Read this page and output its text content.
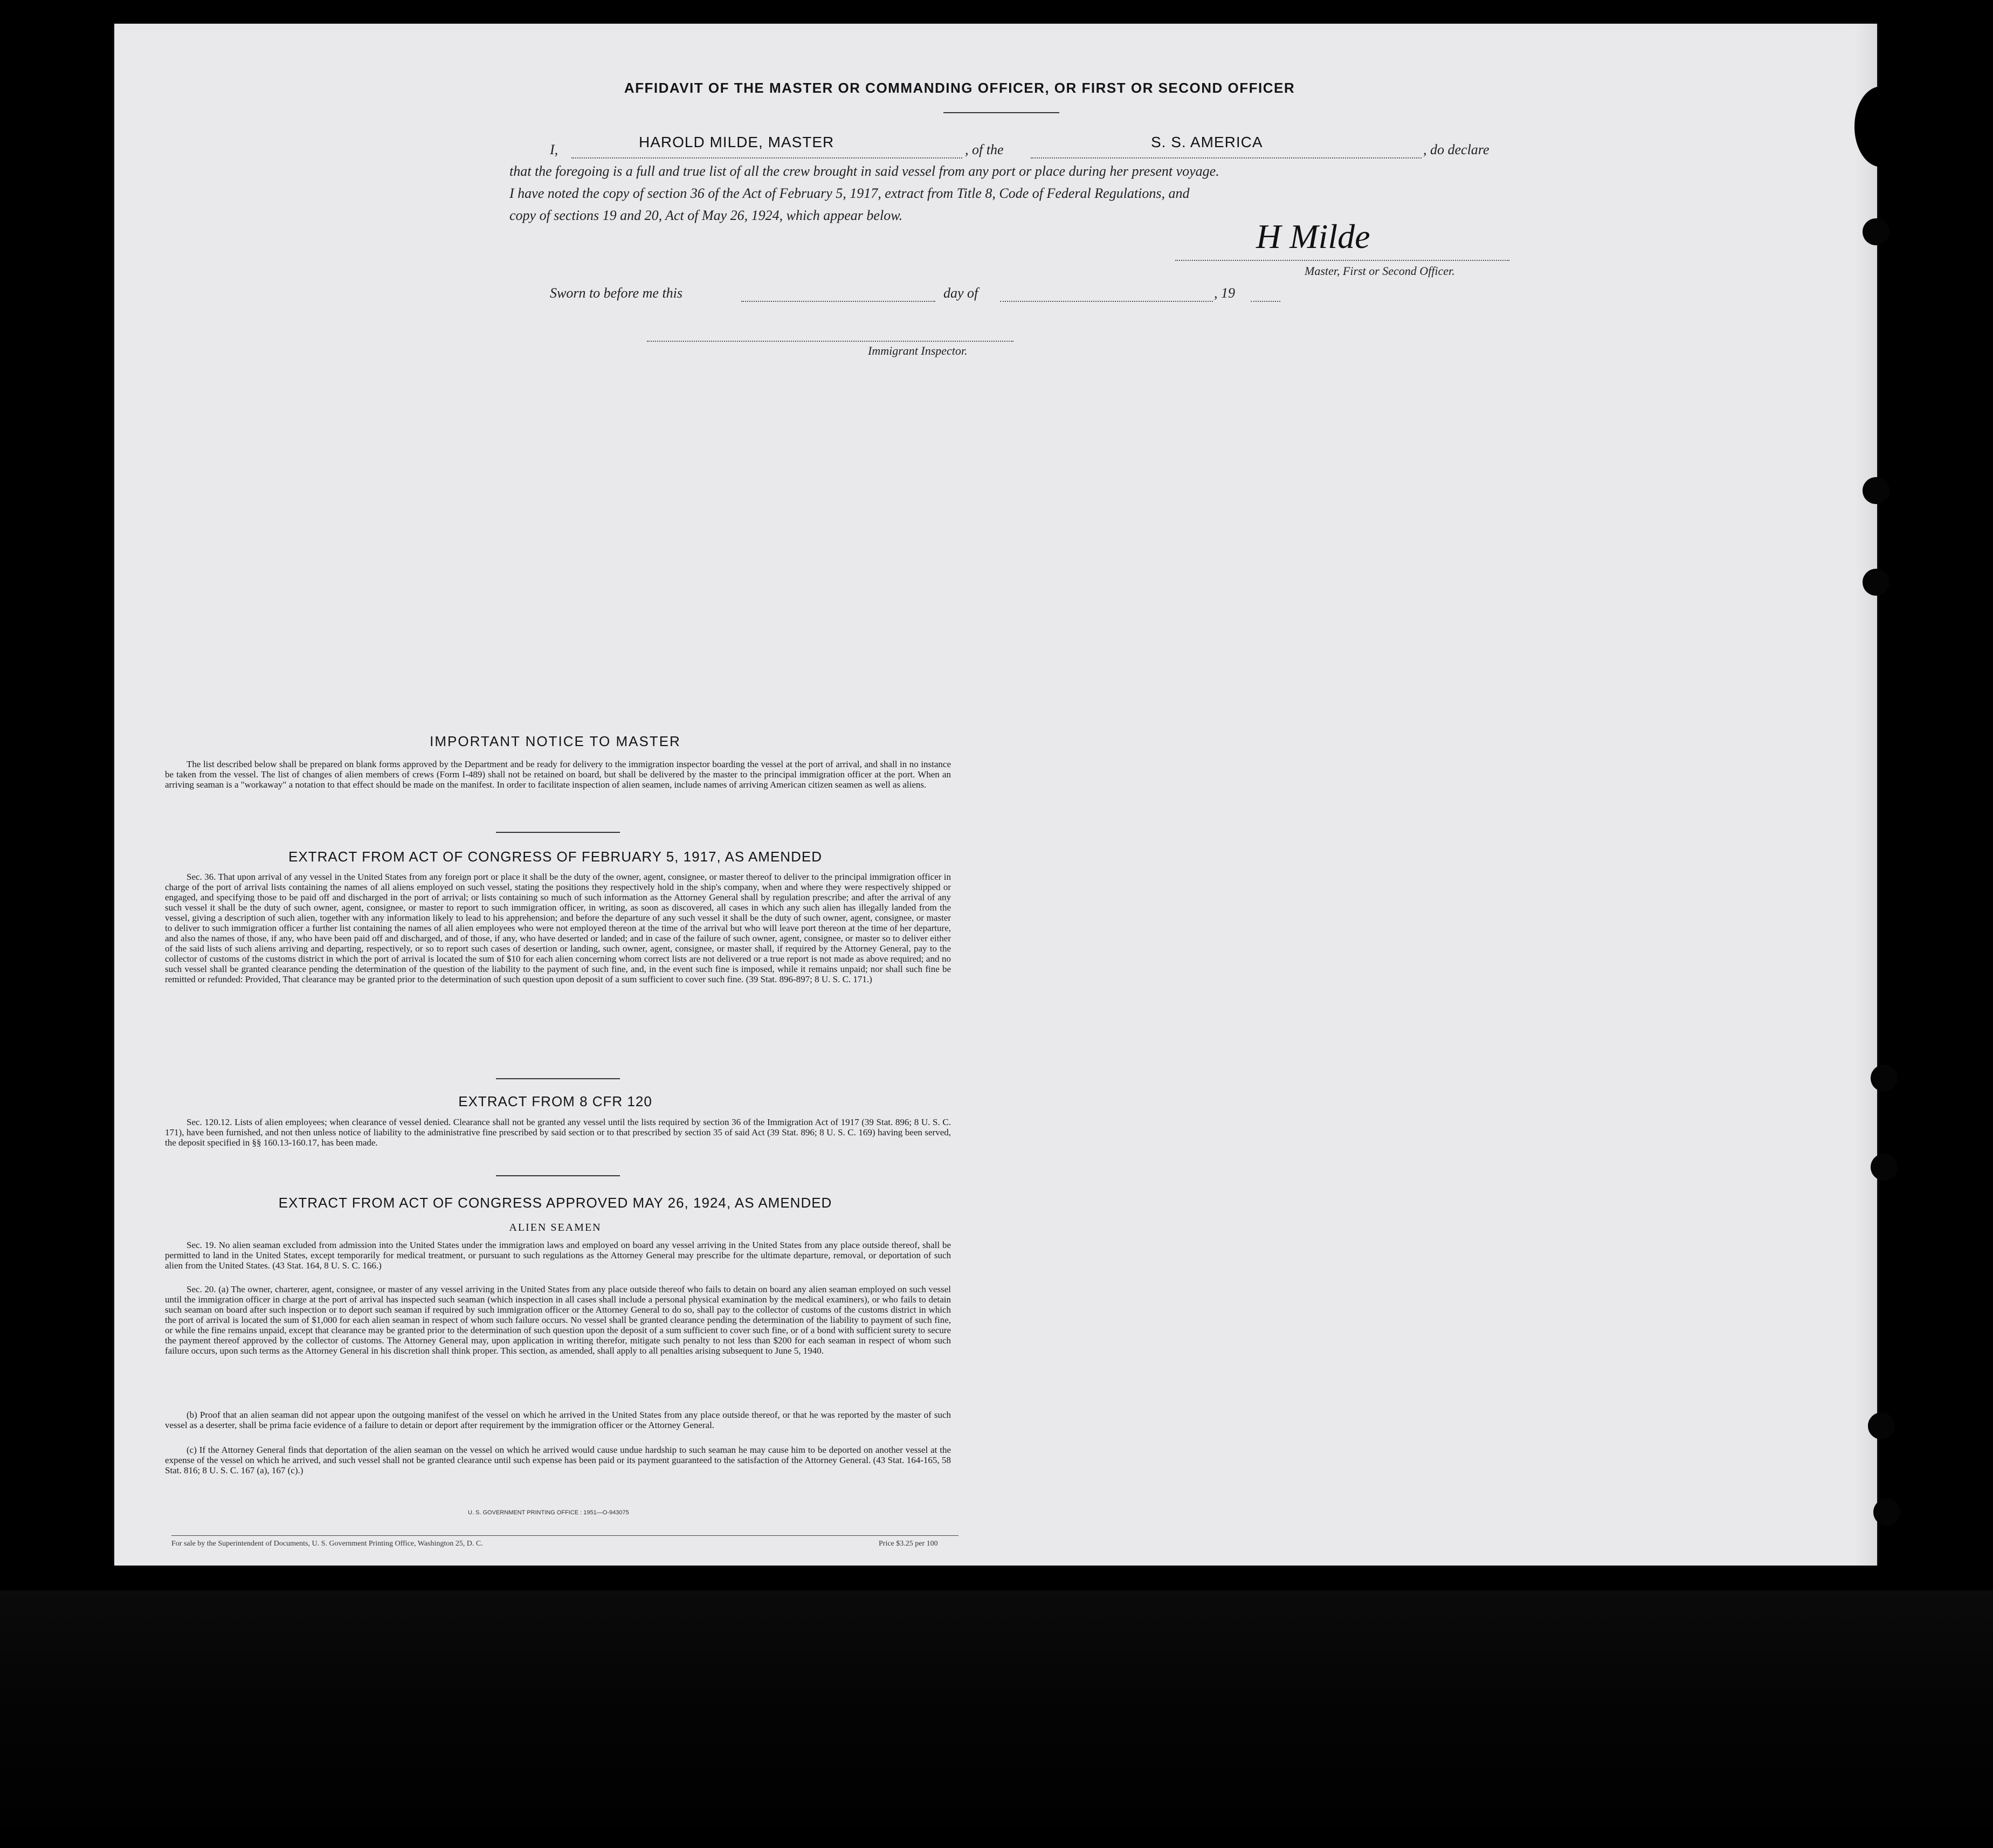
AFFIDAVIT OF THE MASTER OR COMMANDING OFFICER, OR FIRST OR SECOND OFFICER
I,	HAROLD MILDE, MASTER	, of the	S. S. AMERICA	, do declare
that the foregoing is a full and true list of all the crew brought in said vessel from any port or place during her present voyage.
I have noted the copy of section 36 of the Act of February 5, 1917, extract from Title 8, Code of Federal Regulations, and
copy of sections 19 and 20, Act of May 26, 1924, which appear below.
H Milde
Master, First or Second Officer.
Sworn to before me this	day of	, 19
Immigrant Inspector.
IMPORTANT NOTICE TO MASTER
The list described below shall be prepared on blank forms approved by the Department and be ready for delivery to the immigration inspector boarding the vessel at the port of arrival, and shall in no instance be taken from the vessel. The list of changes of alien members of crews (Form I-489) shall not be retained on board, but shall be delivered by the master to the principal immigration officer at the port. When an arriving seaman is a "workaway" a notation to that effect should be made on the manifest. In order to facilitate inspection of alien seamen, include names of arriving American citizen seamen as well as aliens.
EXTRACT FROM ACT OF CONGRESS OF FEBRUARY 5, 1917, AS AMENDED
Sec. 36. That upon arrival of any vessel in the United States from any foreign port or place it shall be the duty of the owner, agent, consignee, or master thereof to deliver to the principal immigration officer in charge of the port of arrival lists containing the names of all aliens employed on such vessel, stating the positions they respectively hold in the ship's company, when and where they were respectively shipped or engaged, and specifying those to be paid off and discharged in the port of arrival; or lists containing so much of such information as the Attorney General shall by regulation prescribe; and after the arrival of any such vessel it shall be the duty of such owner, agent, consignee, or master to report to such immigration officer, in writing, as soon as discovered, all cases in which any such alien has illegally landed from the vessel, giving a description of such alien, together with any information likely to lead to his apprehension; and before the departure of any such vessel it shall be the duty of such owner, agent, consignee, or master to deliver to such immigration officer a further list containing the names of all alien employees who were not employed thereon at the time of the arrival but who will leave port thereon at the time of her departure, and also the names of those, if any, who have been paid off and discharged, and of those, if any, who have deserted or landed; and in case of the failure of such owner, agent, consignee, or master so to deliver either of the said lists of such aliens arriving and departing, respectively, or so to report such cases of desertion or landing, such owner, agent, consignee, or master shall, if required by the Attorney General, pay to the collector of customs of the customs district in which the port of arrival is located the sum of $10 for each alien concerning whom correct lists are not delivered or a true report is not made as above required; and no such vessel shall be granted clearance pending the determination of the question of the liability to the payment of such fine, and, in the event such fine is imposed, while it remains unpaid; nor shall such fine be remitted or refunded: Provided, That clearance may be granted prior to the determination of such question upon deposit of a sum sufficient to cover such fine. (39 Stat. 896-897; 8 U. S. C. 171.)
EXTRACT FROM 8 CFR 120
Sec. 120.12. Lists of alien employees; when clearance of vessel denied. Clearance shall not be granted any vessel until the lists required by section 36 of the Immigration Act of 1917 (39 Stat. 896; 8 U. S. C. 171), have been furnished, and not then unless notice of liability to the administrative fine prescribed by said section or to that prescribed by section 35 of said Act (39 Stat. 896; 8 U. S. C. 169) having been served, the deposit specified in §§ 160.13-160.17, has been made.
EXTRACT FROM ACT OF CONGRESS APPROVED MAY 26, 1924, AS AMENDED
ALIEN SEAMEN
Sec. 19. No alien seaman excluded from admission into the United States under the immigration laws and employed on board any vessel arriving in the United States from any place outside thereof, shall be permitted to land in the United States, except temporarily for medical treatment, or pursuant to such regulations as the Attorney General may prescribe for the ultimate departure, removal, or deportation of such alien from the United States. (43 Stat. 164, 8 U. S. C. 166.)
Sec. 20. (a) The owner, charterer, agent, consignee, or master of any vessel arriving in the United States from any place outside thereof who fails to detain on board any alien seaman employed on such vessel until the immigration officer in charge at the port of arrival has inspected such seaman (which inspection in all cases shall include a personal physical examination by the medical examiners), or who fails to detain such seaman on board after such inspection or to deport such seaman if required by such immigration officer or the Attorney General to do so, shall pay to the collector of customs of the customs district in which the port of arrival is located the sum of $1,000 for each alien seaman in respect of whom such failure occurs. No vessel shall be granted clearance pending the determination of the liability to payment of such fine, or while the fine remains unpaid, except that clearance may be granted prior to the determination of such question upon the deposit of a sum sufficient to cover such fine, or of a bond with sufficient surety to secure the payment thereof approved by the collector of customs. The Attorney General may, upon application in writing therefor, mitigate such penalty to not less than $200 for each seaman in respect of whom such failure occurs, upon such terms as the Attorney General in his discretion shall think proper. This section, as amended, shall apply to all penalties arising subsequent to June 5, 1940.
(b) Proof that an alien seaman did not appear upon the outgoing manifest of the vessel on which he arrived in the United States from any place outside thereof, or that he was reported by the master of such vessel as a deserter, shall be prima facie evidence of a failure to detain or deport after requirement by the immigration officer or the Attorney General.
(c) If the Attorney General finds that deportation of the alien seaman on the vessel on which he arrived would cause undue hardship to such seaman he may cause him to be deported on another vessel at the expense of the vessel on which he arrived, and such vessel shall not be granted clearance until such expense has been paid or its payment guaranteed to the satisfaction of the Attorney General. (43 Stat. 164-165, 58 Stat. 816; 8 U. S. C. 167 (a), 167 (c).)
U. S. GOVERNMENT PRINTING OFFICE : 1951—O-943075
For sale by the Superintendent of Documents, U. S. Government Printing Office, Washington 25, D. C.	Price $3.25 per 100
